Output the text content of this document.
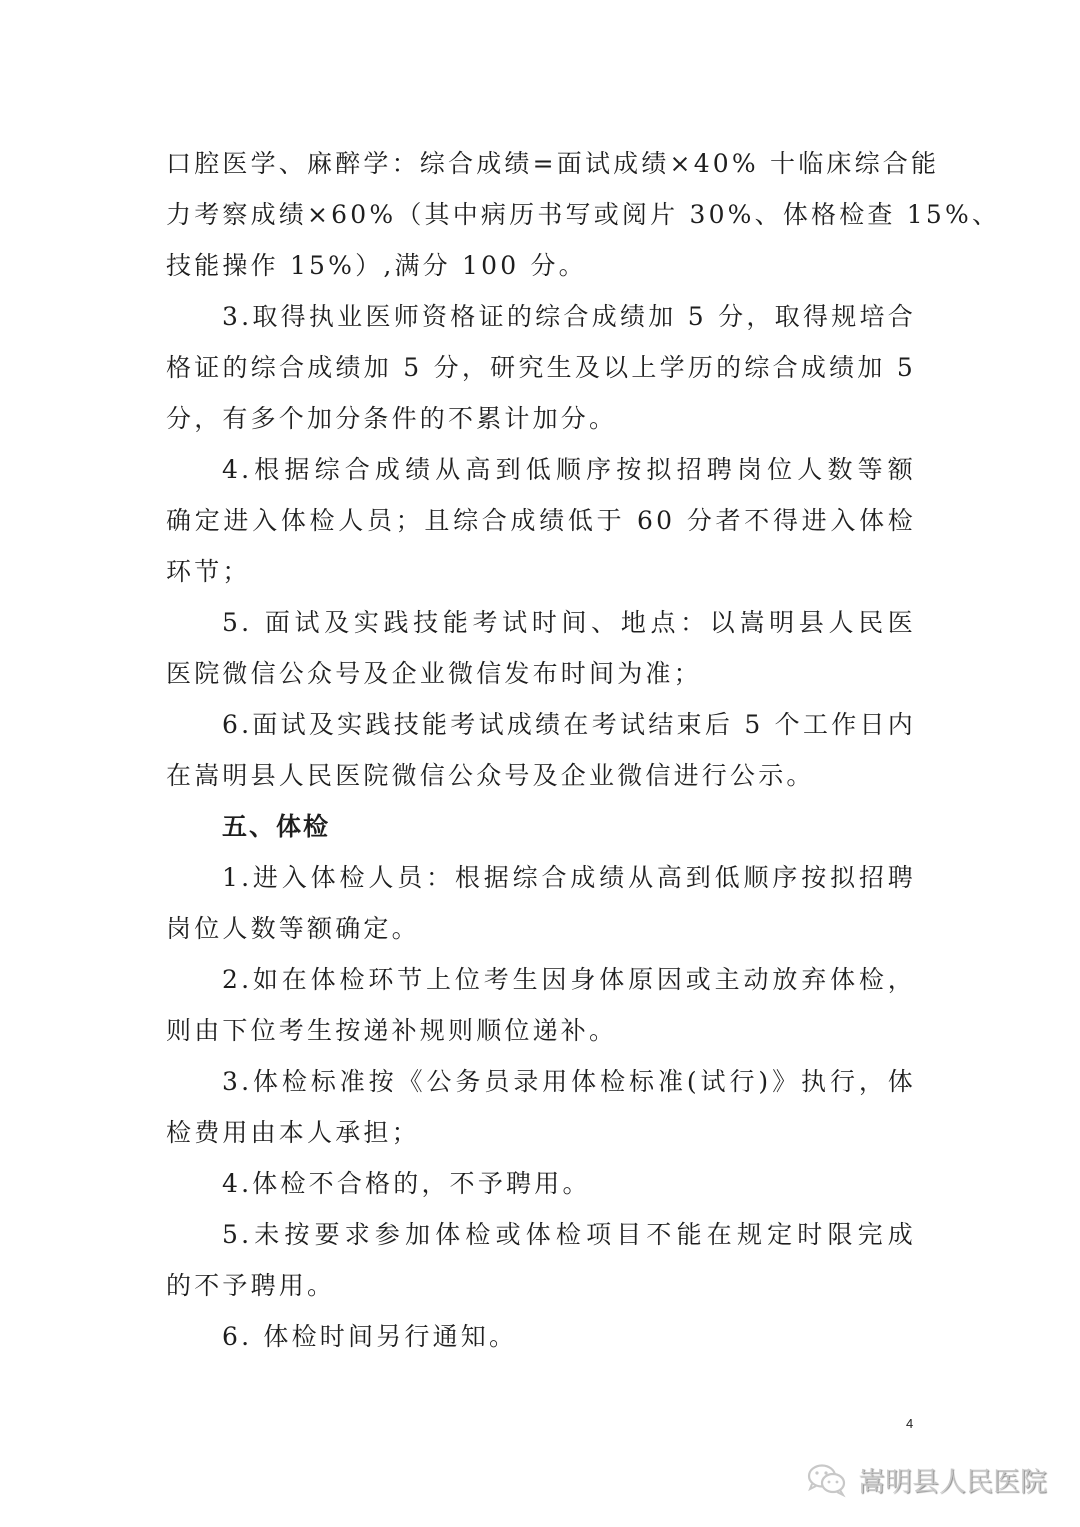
口腔医学、麻醉学：综合成绩=面试成绩×40% 十临床综合能
力考察成绩×60%（其中病历书写或阅片 30%、体格检查 15%、
技能操作 15%）,满分 100 分。
3.取得执业医师资格证的综合成绩加 5 分，取得规培合
格证的综合成绩加 5 分，研究生及以上学历的综合成绩加 5
分，有多个加分条件的不累计加分。
4.根据综合成绩从高到低顺序按拟招聘岗位人数等额
确定进入体检人员；且综合成绩低于 60 分者不得进入体检
环节；
5. 面试及实践技能考试时间、地点：以嵩明县人民医
医院微信公众号及企业微信发布时间为准；
6.面试及实践技能考试成绩在考试结束后 5 个工作日内
在嵩明县人民医院微信公众号及企业微信进行公示。
五、体检
1.进入体检人员：根据综合成绩从高到低顺序按拟招聘
岗位人数等额确定。
2.如在体检环节上位考生因身体原因或主动放弃体检，
则由下位考生按递补规则顺位递补。
3.体检标准按《公务员录用体检标准(试行)》执行，体
检费用由本人承担；
4.体检不合格的，不予聘用。
5.未按要求参加体检或体检项目不能在规定时限完成
的不予聘用。
6. 体检时间另行通知。
4
嵩明县人民医院
